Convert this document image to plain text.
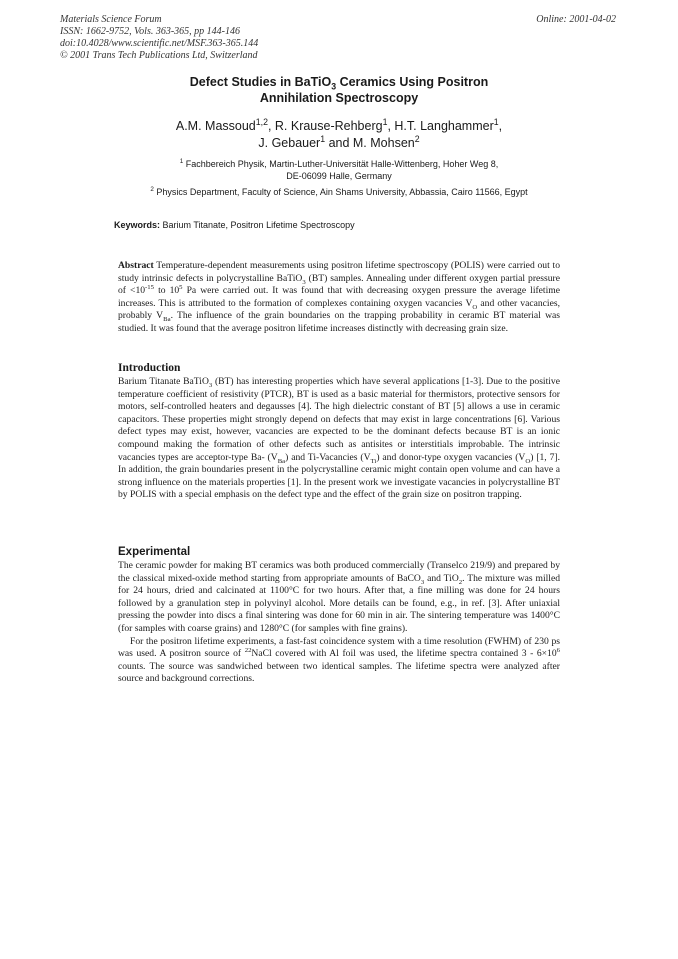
Materials Science Forum
ISSN: 1662-9752, Vols. 363-365, pp 144-146
doi:10.4028/www.scientific.net/MSF.363-365.144
© 2001 Trans Tech Publications Ltd, Switzerland
Online: 2001-04-02
Defect Studies in BaTiO$_3$ Ceramics Using Positron
Annihilation Spectroscopy
A.M. Massoud$^{1,2}$, R. Krause-Rehberg$^1$, H.T. Langhammer$^1$,
J. Gebauer$^1$ and M. Mohsen$^2$
$^1$ Fachbereich Physik, Martin-Luther-Universität Halle-Wittenberg, Hoher Weg 8,
DE-06099 Halle, Germany
$^2$ Physics Department, Faculty of Science, Ain Shams University, Abbassia, Cairo 11566, Egypt
Keywords: Barium Titanate, Positron Lifetime Spectroscopy
Abstract Temperature-dependent measurements using positron lifetime spectroscopy (POLIS) were carried out to study intrinsic defects in polycrystalline BaTiO$_3$ (BT) samples. Annealing under different oxygen partial pressure of $<10^{-15}$ to $10^5$ Pa were carried out. It was found that with decreasing oxygen pressure the average lifetime increases. This is attributed to the formation of complexes containing oxygen vacancies $V_O$ and other vacancies, probably $V_{Ba}$. The influence of the grain boundaries on the trapping probability in ceramic BT material was studied. It was found that the average positron lifetime increases distinctly with decreasing grain size.
Introduction
Barium Titanate BaTiO$_3$ (BT) has interesting properties which have several applications [1-3]. Due to the positive temperature coefficient of resistivity (PTCR), BT is used as a basic material for thermistors, protective sensors for motors, self-controlled heaters and degausses [4]. The high dielectric constant of BT [5] allows a use in ceramic capacitors. These properties might strongly depend on defects that may exist in large concentrations [6]. Various defect types may exist, however, vacancies are expected to be the dominant defects because BT is an ionic compound making the formation of other defects such as antisites or interstitials improbable. The intrinsic vacancies types are acceptor-type Ba- $(V_{Ba})$ and Ti-Vacancies $(V_{Ti})$ and donor-type oxygen vacancies $(V_O)$ [1, 7]. In addition, the grain boundaries present in the polycrystalline ceramic might contain open volume and can have a strong influence on the materials properties [1]. In the present work we investigate vacancies in polycrystalline BT by POLIS with a special emphasis on the defect type and the effect of the grain size on positron trapping.
Experimental
The ceramic powder for making BT ceramics was both produced commercially (Transelco 219/9) and prepared by the classical mixed-oxide method starting from appropriate amounts of BaCO$_3$ and TiO$_2$. The mixture was milled for 24 hours, dried and calcinated at 1100°C for two hours. After that, a fine milling was done for 24 hours followed by a granulation step in polyvinyl alcohol. More details can be found, e.g., in ref. [3]. After uniaxial pressing the powder into discs a final sintering was done for 60 min in air. The sintering temperature was 1400°C (for samples with coarse grains) and 1280°C (for samples with fine grains).
For the positron lifetime experiments, a fast-fast coincidence system with a time resolution (FWHM) of 230 ps was used. A positron source of $^{22}$NaCl covered with Al foil was used, the lifetime spectra contained $3 - 6\times 10^6$ counts. The source was sandwiched between two identical samples. The lifetime spectra were analyzed after source and background corrections.
